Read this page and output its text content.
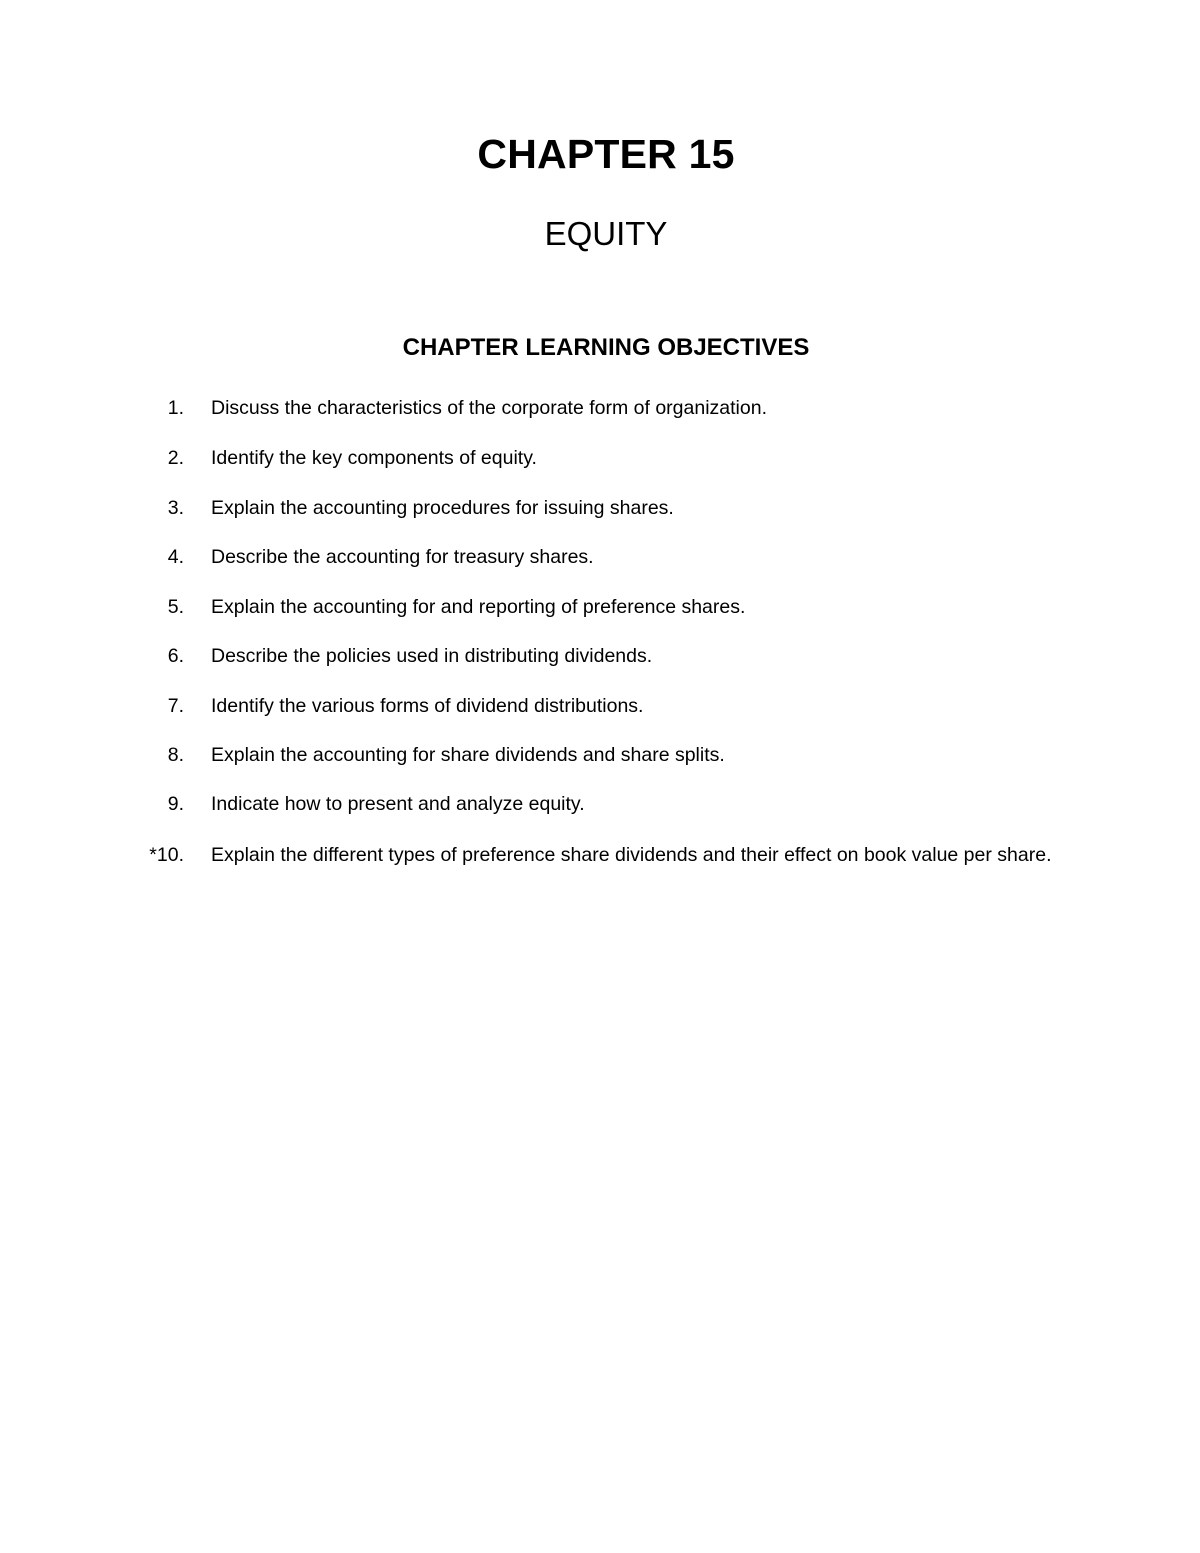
CHAPTER 15
EQUITY
CHAPTER LEARNING OBJECTIVES
1. Discuss the characteristics of the corporate form of organization.
2. Identify the key components of equity.
3. Explain the accounting procedures for issuing shares.
4. Describe the accounting for treasury shares.
5. Explain the accounting for and reporting of preference shares.
6. Describe the policies used in distributing dividends.
7. Identify the various forms of dividend distributions.
8. Explain the accounting for share dividends and share splits.
9. Indicate how to present and analyze equity.
*10. Explain the different types of preference share dividends and their effect on book value per share.
